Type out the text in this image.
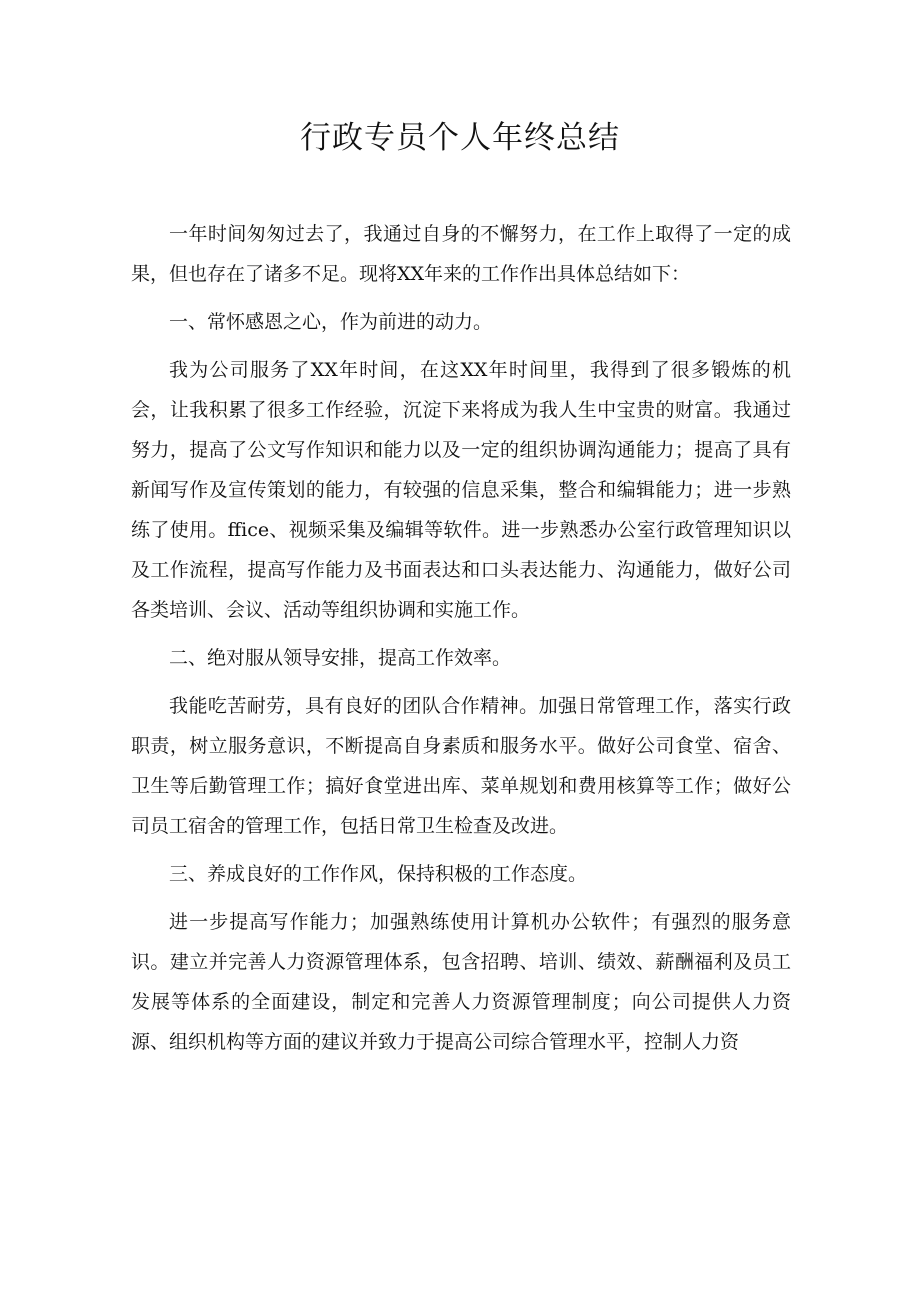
行政专员个人年终总结

一年时间匆匆过去了，我通过自身的不懈努力，在工作上取得了一定的成果，但也存在了诸多不足。现将XX年来的工作作出具体总结如下：

一、常怀感恩之心，作为前进的动力。

我为公司服务了XX年时间，在这XX年时间里，我得到了很多锻炼的机会，让我积累了很多工作经验，沉淀下来将成为我人生中宝贵的财富。我通过努力，提高了公文写作知识和能力以及一定的组织协调沟通能力；提高了具有新闻写作及宣传策划的能力，有较强的信息采集，整合和编辑能力；进一步熟练了使用。ffice、视频采集及编辑等软件。进一步熟悉办公室行政管理知识以及工作流程，提高写作能力及书面表达和口头表达能力、沟通能力，做好公司各类培训、会议、活动等组织协调和实施工作。

二、绝对服从领导安排，提高工作效率。

我能吃苦耐劳，具有良好的团队合作精神。加强日常管理工作，落实行政职责，树立服务意识，不断提高自身素质和服务水平。做好公司食堂、宿舍、卫生等后勤管理工作；搞好食堂进出库、菜单规划和费用核算等工作；做好公司员工宿舍的管理工作，包括日常卫生检查及改进。

三、养成良好的工作作风，保持积极的工作态度。

进一步提高写作能力；加强熟练使用计算机办公软件；有强烈的服务意识。建立并完善人力资源管理体系，包含招聘、培训、绩效、薪酬福利及员工发展等体系的全面建设，制定和完善人力资源管理制度；向公司提供人力资源、组织机构等方面的建议并致力于提高公司综合管理水平，控制人力资
